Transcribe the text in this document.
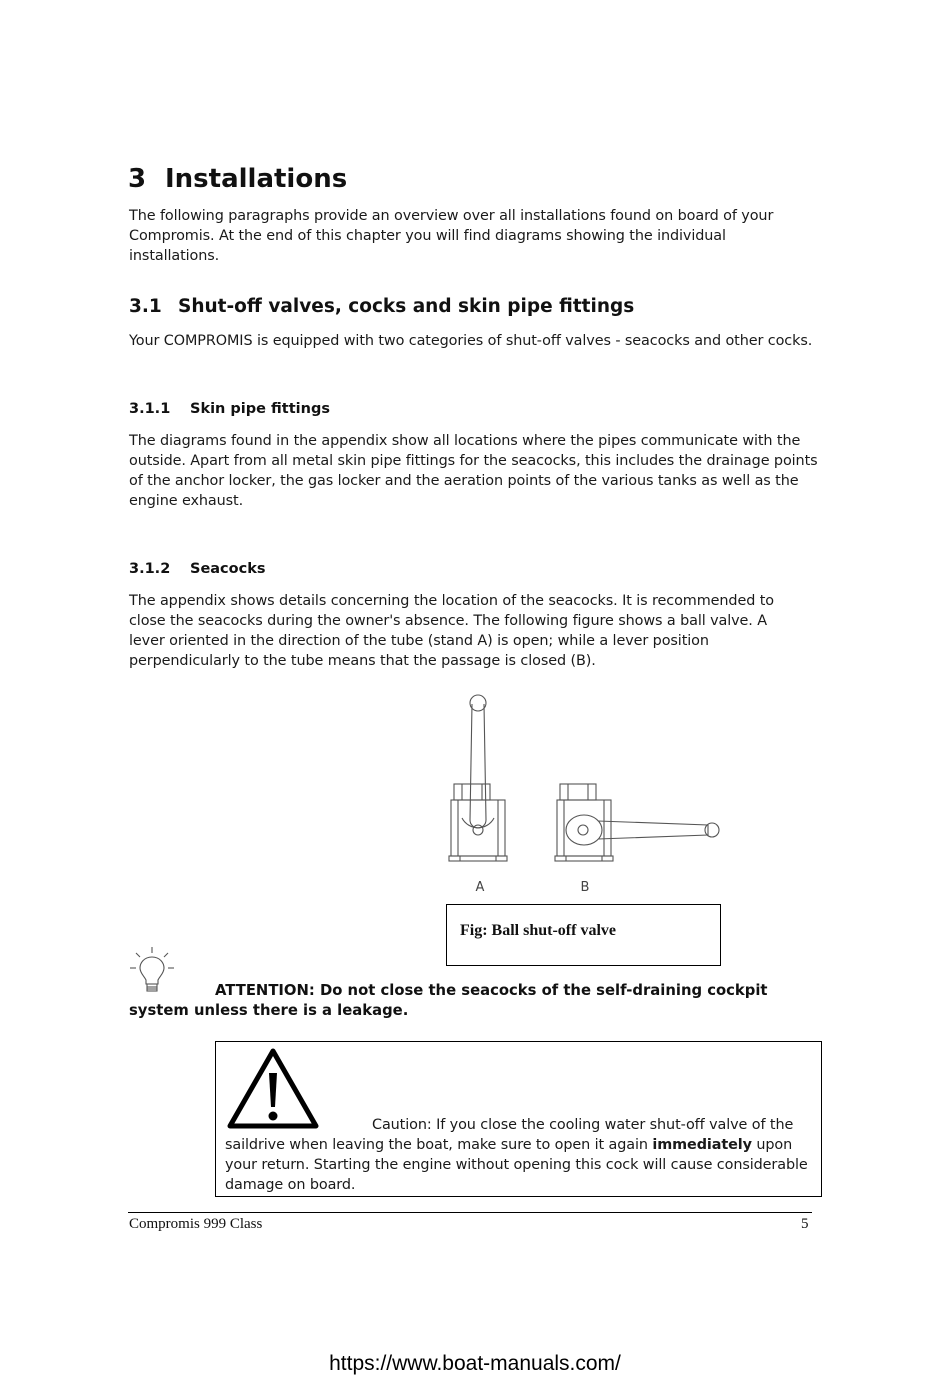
3 Installations

The following paragraphs provide an overview over all installations found on board of your Compromis. At the end of this chapter you will find diagrams showing the individual installations.

3.1 Shut-off valves, cocks and skin pipe fittings

Your COMPROMIS is equipped with two categories of shut-off valves - seacocks and other cocks.

3.1.1 Skin pipe fittings

The diagrams found in the appendix show all locations where the pipes communicate with the outside. Apart from all metal skin pipe fittings for the seacocks, this includes the drainage points of the anchor locker, the gas locker and the aeration points of the various tanks as well as the engine exhaust.

3.1.2 Seacocks

The appendix shows details concerning the location of the seacocks. It is recommended to close the seacocks during the owner's absence. The following figure shows a ball valve. A lever oriented in the direction of the tube (stand A) is open; while a lever position perpendicularly to the tube means that the passage is closed (B).

A	B
Fig: Ball shut-off valve

ATTENTION: Do not close the seacocks of the self-draining cockpit system unless there is a leakage.

Caution: If you close the cooling water shut-off valve of the saildrive when leaving the boat, make sure to open it again immediately upon your return. Starting the engine without opening this cock will cause considerable damage on board.

Compromis 999 Class	5
https://www.boat-manuals.com/
